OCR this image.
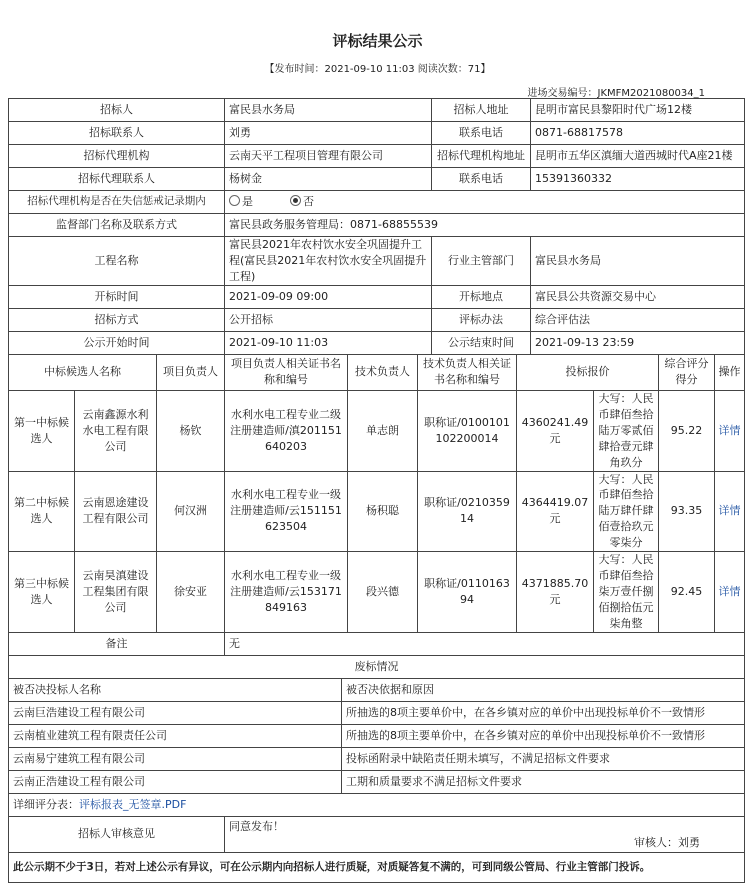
评标结果公示
【发布时间：2021-09-10 11:03 阅读次数：71】
进场交易编号：JKMFM2021080034_1
招标人			富民县水务局				招标人地址		昆明市富民县黎阳时代广场12楼			
招标联系人			刘勇				联系电话		0871-68817578			
招标代理机构			云南天平工程项目管理有限公司				招标代理机构地址		昆明市五华区滇缅大道西城时代A座21楼			
招标代理联系人			杨树金				联系电话		15391360332			
招标代理机构是否在失信惩戒记录期内			是 否									
监督部门名称及联系方式			富民县政务服务管理局：0871-68855539									
工程名称			富民县2021年农村饮水安全巩固提升工程(富民县2021年农村饮水安全巩固提升工程)				行业主管部门		富民县水务局			
开标时间			2021-09-09 09:00				开标地点		富民县公共资源交易中心			
招标方式			公开招标				评标办法		综合评估法			
公示开始时间			2021-09-10 11:03				公示结束时间		2021-09-13 23:59			
中标候选人名称		项目负责人	项目负责人相关证书名称和编号		技术负责人	技术负责人相关证书名称和编号		投标报价			综合评分得分	操作
第一中标候选人	云南鑫源水利水电工程有限公司	杨钦	水利水电工程专业二级注册建造师/滇201151640203		单志朗	职称证/0100101102200014		4360241.49元		大写：人民币肆佰叁拾陆万零贰佰肆拾壹元肆角玖分	95.22	详情
第二中标候选人	云南恩途建设工程有限公司	何汉洲	水利水电工程专业一级注册建造师/云151151623504		杨积聪	职称证/021035914		4364419.07元		大写：人民币肆佰叁拾陆万肆仟肆佰壹拾玖元零柒分	93.35	详情
第三中标候选人	云南昊滇建设工程集团有限公司	徐安亚	水利水电工程专业一级注册建造师/云153171849163		段兴德	职称证/011016394		4371885.70元		大写：人民币肆佰叁拾柒万壹仟捌佰捌拾伍元柒角整	92.45	详情
备注			无									
废标情况												
被否决投标人名称				被否决依据和原因								
云南巨浩建设工程有限公司				所抽选的8项主要单价中，在各乡镇对应的单价中出现投标单价不一致情形								
云南植业建筑工程有限责任公司				所抽选的8项主要单价中，在各乡镇对应的单价中出现投标单价不一致情形								
云南易宁建筑工程有限公司				投标函附录中缺陷责任期未填写，不满足招标文件要求								
云南正浩建设工程有限公司				工期和质量要求不满足招标文件要求								
详细评分表：评标报表_无签章.PDF												
招标人审核意见			同意发布！
审核人：刘勇									

此公示期不少于3日，若对上述公示有异议，可在公示期内向招标人进行质疑，对质疑答复不满的，可到同级公管局、行业主管部门投诉。												
